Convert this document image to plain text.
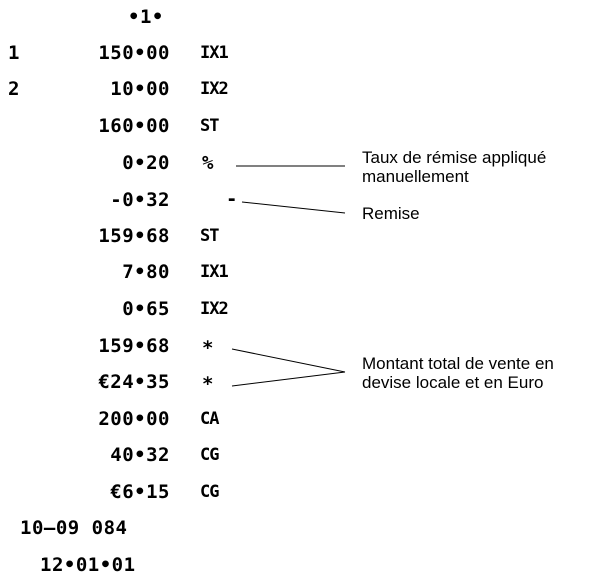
•1•
1	150•00 IX1
2	10•00 IX2
160•00 ST
0•20 %
-0•32	-
159•68 ST
7•80 IX1
0•65 IX2
159•68 *
€24•35 *
200•00 CA
40•32 CG
€6•15 CG
10–09 084
12•01•01
Taux de rémise appliqué
manuellement
Remise
Montant total de vente en
devise locale et en Euro
